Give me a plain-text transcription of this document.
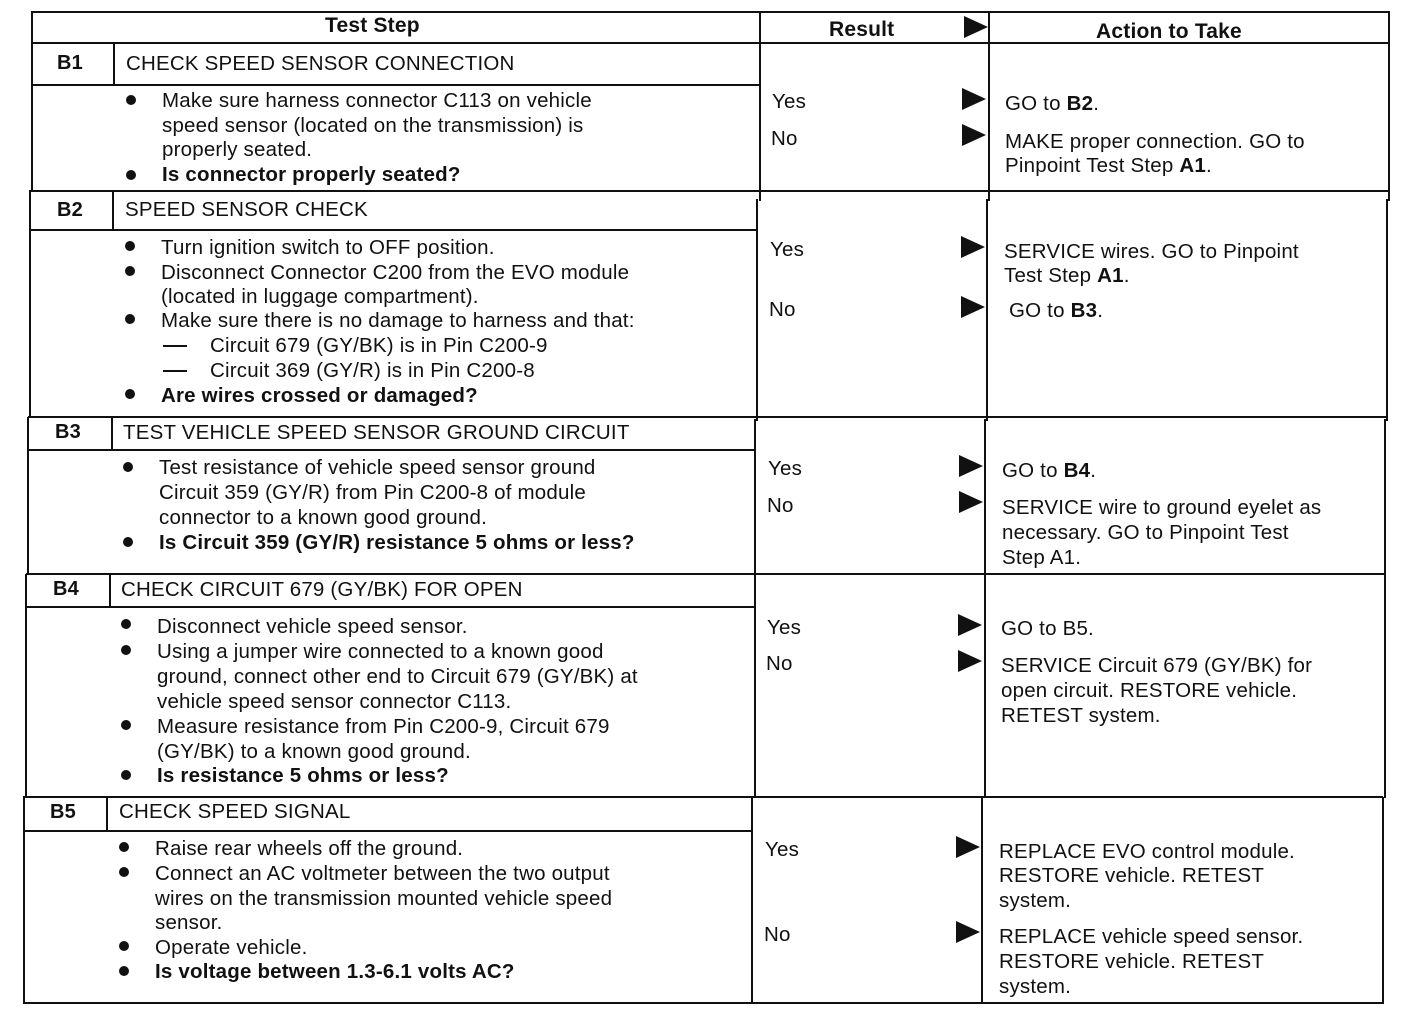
Test Step	Result	Action to Take
B1 CHECK SPEED SENSOR CONNECTION
Make sure harness connector C113 on vehicle
speed sensor (located on the transmission) is
properly seated.
Is connector properly seated?
Yes
No
GO to B2.
MAKE proper connection. GO to
Pinpoint Test Step A1.
B2 SPEED SENSOR CHECK
Turn ignition switch to OFF position.
Disconnect Connector C200 from the EVO module
(located in luggage compartment).
Make sure there is no damage to harness and that:
Circuit 679 (GY/BK) is in Pin C200-9
Circuit 369 (GY/R) is in Pin C200-8
Are wires crossed or damaged?
Yes
No
SERVICE wires. GO to Pinpoint
Test Step A1.
GO to B3.
B3 TEST VEHICLE SPEED SENSOR GROUND CIRCUIT
Test resistance of vehicle speed sensor ground
Circuit 359 (GY/R) from Pin C200-8 of module
connector to a known good ground.
Is Circuit 359 (GY/R) resistance 5 ohms or less?
Yes
No
GO to B4.
SERVICE wire to ground eyelet as
necessary. GO to Pinpoint Test
Step A1.
B4 CHECK CIRCUIT 679 (GY/BK) FOR OPEN
Disconnect vehicle speed sensor.
Using a jumper wire connected to a known good
ground, connect other end to Circuit 679 (GY/BK) at
vehicle speed sensor connector C113.
Measure resistance from Pin C200-9, Circuit 679
(GY/BK) to a known good ground.
Is resistance 5 ohms or less?
Yes
No
GO to B5.
SERVICE Circuit 679 (GY/BK) for
open circuit. RESTORE vehicle.
RETEST system.
B5 CHECK SPEED SIGNAL
Raise rear wheels off the ground.
Connect an AC voltmeter between the two output
wires on the transmission mounted vehicle speed
sensor.
Operate vehicle.
Is voltage between 1.3-6.1 volts AC?
Yes
No
REPLACE EVO control module.
RESTORE vehicle. RETEST
system.
REPLACE vehicle speed sensor.
RESTORE vehicle. RETEST
system.
